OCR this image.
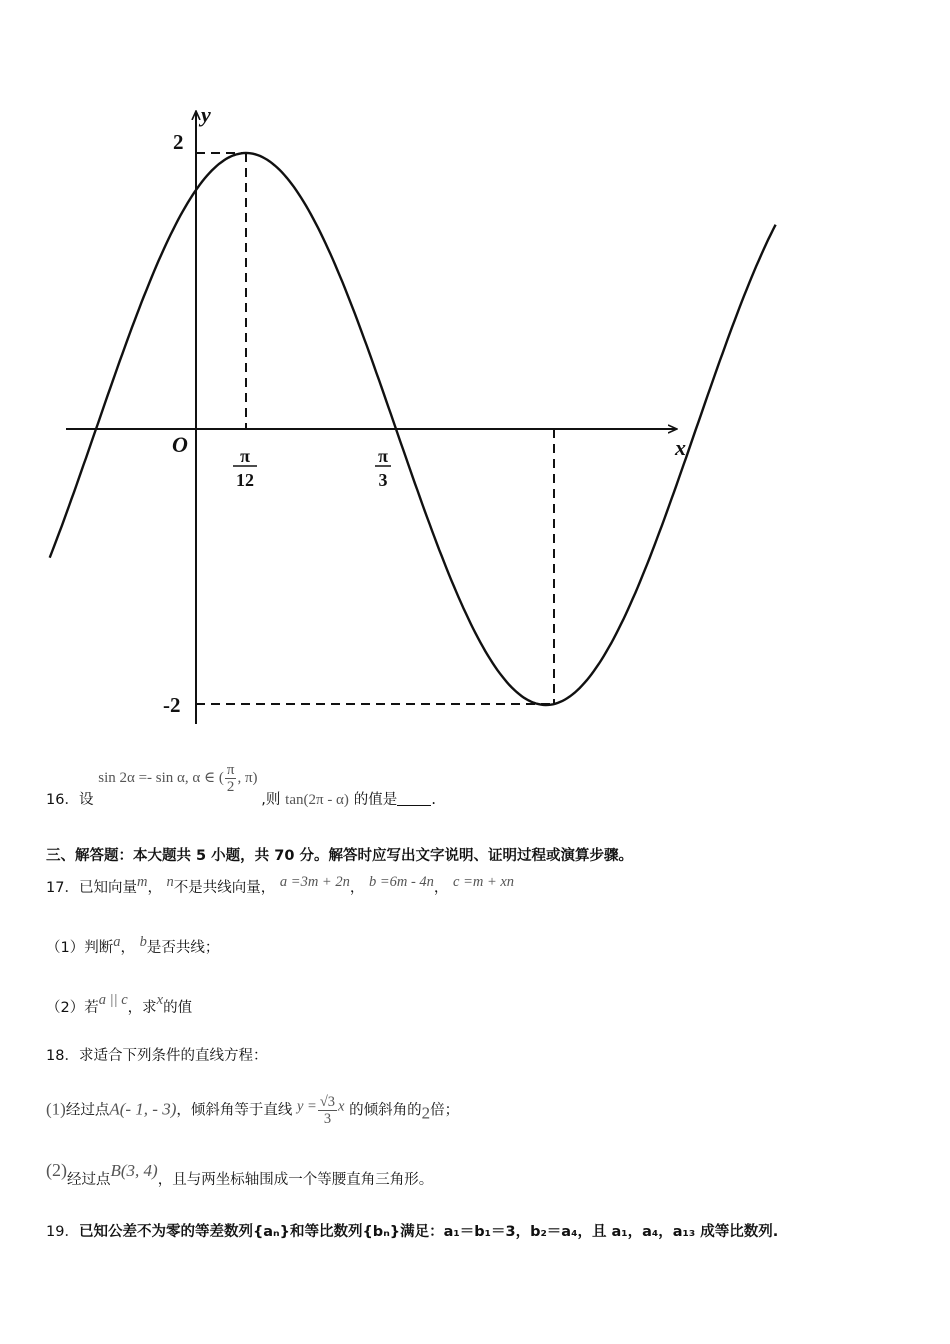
y
x
O
2
-2
π
12
π
3
16．设 sin 2α =- sin α, α ∈ ( $\frac{\pi}{2}$ , π) ,则 tan(2π - α) 的值是 .
三、解答题：本大题共 5 小题，共 70 分。解答时应写出文字说明、证明过程或演算步骤。
17．已知向量m， n不是共线向量， a =3m + 2n， b =6m - 4n， c =m + xn
（1）判断a， b是否共线；
（2）若a || c，求x的值
18．求适合下列条件的直线方程：
(1)经过点A(- 1, - 3)，倾斜角等于直线 $y = \frac{√3}{3}$ x 的倾斜角的2倍；
(2)经过点B(3, 4)，且与两坐标轴围成一个等腰直角三角形。
19．已知公差不为零的等差数列{aₙ}和等比数列{bₙ}满足：a₁＝b₁＝3，b₂＝a₄，且 a₁，a₄，a₁₃ 成等比数列.
